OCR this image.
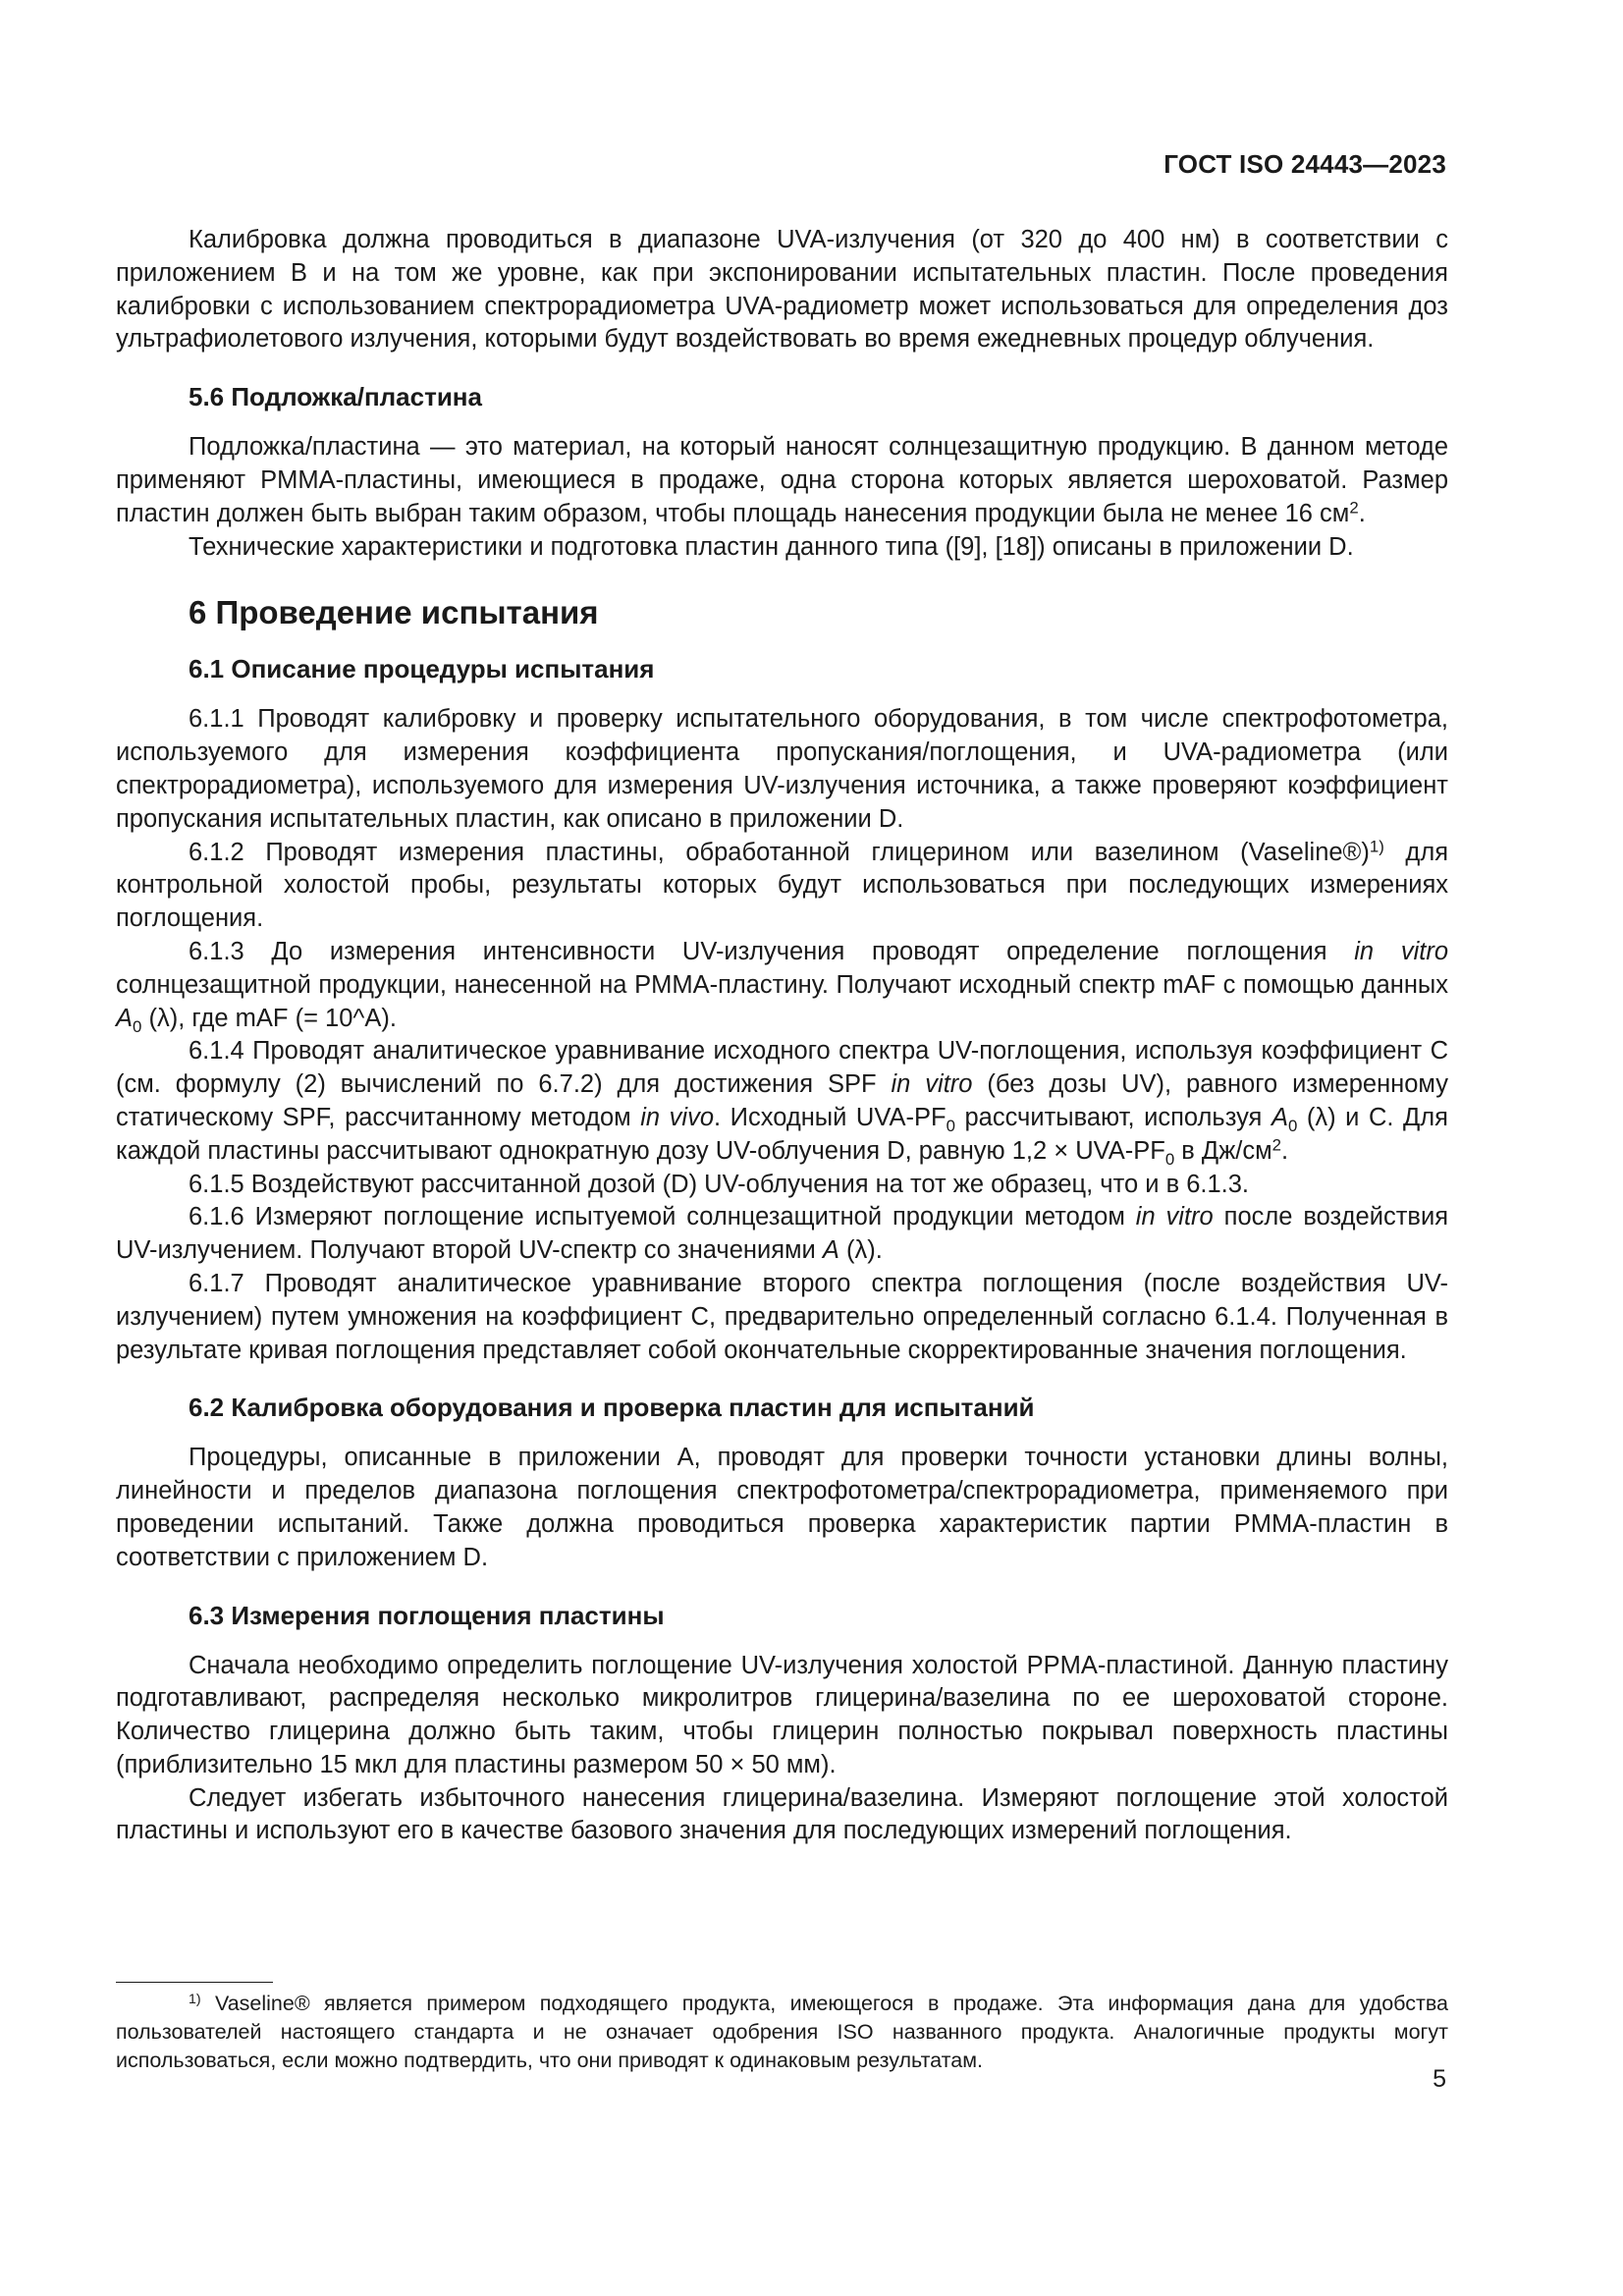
ГОСТ ISO 24443—2023

Калибровка должна проводиться в диапазоне UVA-излучения (от 320 до 400 нм) в соответствии с приложением В и на том же уровне, как при экспонировании испытательных пластин. После проведения калибровки с использованием спектрорадиометра UVA-радиометр может использоваться для определения доз ультрафиолетового излучения, которыми будут воздействовать во время ежедневных процедур облучения.

5.6 Подложка/пластина

Подложка/пластина — это материал, на который наносят солнцезащитную продукцию. В данном методе применяют PMMA-пластины, имеющиеся в продаже, одна сторона которых является шероховатой. Размер пластин должен быть выбран таким образом, чтобы площадь нанесения продукции была не менее 16 $см^2$.

Технические характеристики и подготовка пластин данного типа ([9], [18]) описаны в приложении D.

6 Проведение испытания
6.1 Описание процедуры испытания

6.1.1 Проводят калибровку и проверку испытательного оборудования, в том числе спектрофотометра, используемого для измерения коэффициента пропускания/поглощения, и UVA-радиометра (или спектрорадиометра), используемого для измерения UV-излучения источника, а также проверяют коэффициент пропускания испытательных пластин, как описано в приложении D.

6.1.2 Проводят измерения пластины, обработанной глицерином или вазелином (Vaseline®)$^{1)}$ для контрольной холостой пробы, результаты которых будут использоваться при последующих измерениях поглощения.

6.1.3 До измерения интенсивности UV-излучения проводят определение поглощения in vitro солнцезащитной продукции, нанесенной на PMMA-пластину. Получают исходный спектр mAF с помощью данных $A_0$ (λ), где mAF (= 10^A).

6.1.4 Проводят аналитическое уравнивание исходного спектра UV-поглощения, используя коэффициент С (см. формулу (2) вычислений по 6.7.2) для достижения SPF in vitro (без дозы UV), равного измеренному статическому SPF, рассчитанному методом in vivo. Исходный UVA-$PF_0$ рассчитывают, используя $A_0$ (λ) и С. Для каждой пластины рассчитывают однократную дозу UV-облучения D, равную 1,2 × UVA-$PF_0$ в $Дж/см^2$.

6.1.5 Воздействуют рассчитанной дозой (D) UV-облучения на тот же образец, что и в 6.1.3.

6.1.6 Измеряют поглощение испытуемой солнцезащитной продукции методом in vitro после воздействия UV-излучением. Получают второй UV-спектр со значениями A (λ).

6.1.7 Проводят аналитическое уравнивание второго спектра поглощения (после воздействия UV-излучением) путем умножения на коэффициент С, предварительно определенный согласно 6.1.4. Полученная в результате кривая поглощения представляет собой окончательные скорректированные значения поглощения.

6.2 Калибровка оборудования и проверка пластин для испытаний

Процедуры, описанные в приложении А, проводят для проверки точности установки длины волны, линейности и пределов диапазона поглощения спектрофотометра/спектрорадиометра, применяемого при проведении испытаний. Также должна проводиться проверка характеристик партии PMMA-пластин в соответствии с приложением D.

6.3 Измерения поглощения пластины

Сначала необходимо определить поглощение UV-излучения холостой PPMA-пластиной. Данную пластину подготавливают, распределяя несколько микролитров глицерина/вазелина по ее шероховатой стороне. Количество глицерина должно быть таким, чтобы глицерин полностью покрывал поверхность пластины (приблизительно 15 мкл для пластины размером 50 × 50 мм).

Следует избегать избыточного нанесения глицерина/вазелина. Измеряют поглощение этой холостой пластины и используют его в качестве базового значения для последующих измерений поглощения.

$^{1)}$ Vaseline® является примером подходящего продукта, имеющегося в продаже. Эта информация дана для удобства пользователей настоящего стандарта и не означает одобрения ISO названного продукта. Аналогичные продукты могут использоваться, если можно подтвердить, что они приводят к одинаковым результатам.
5
